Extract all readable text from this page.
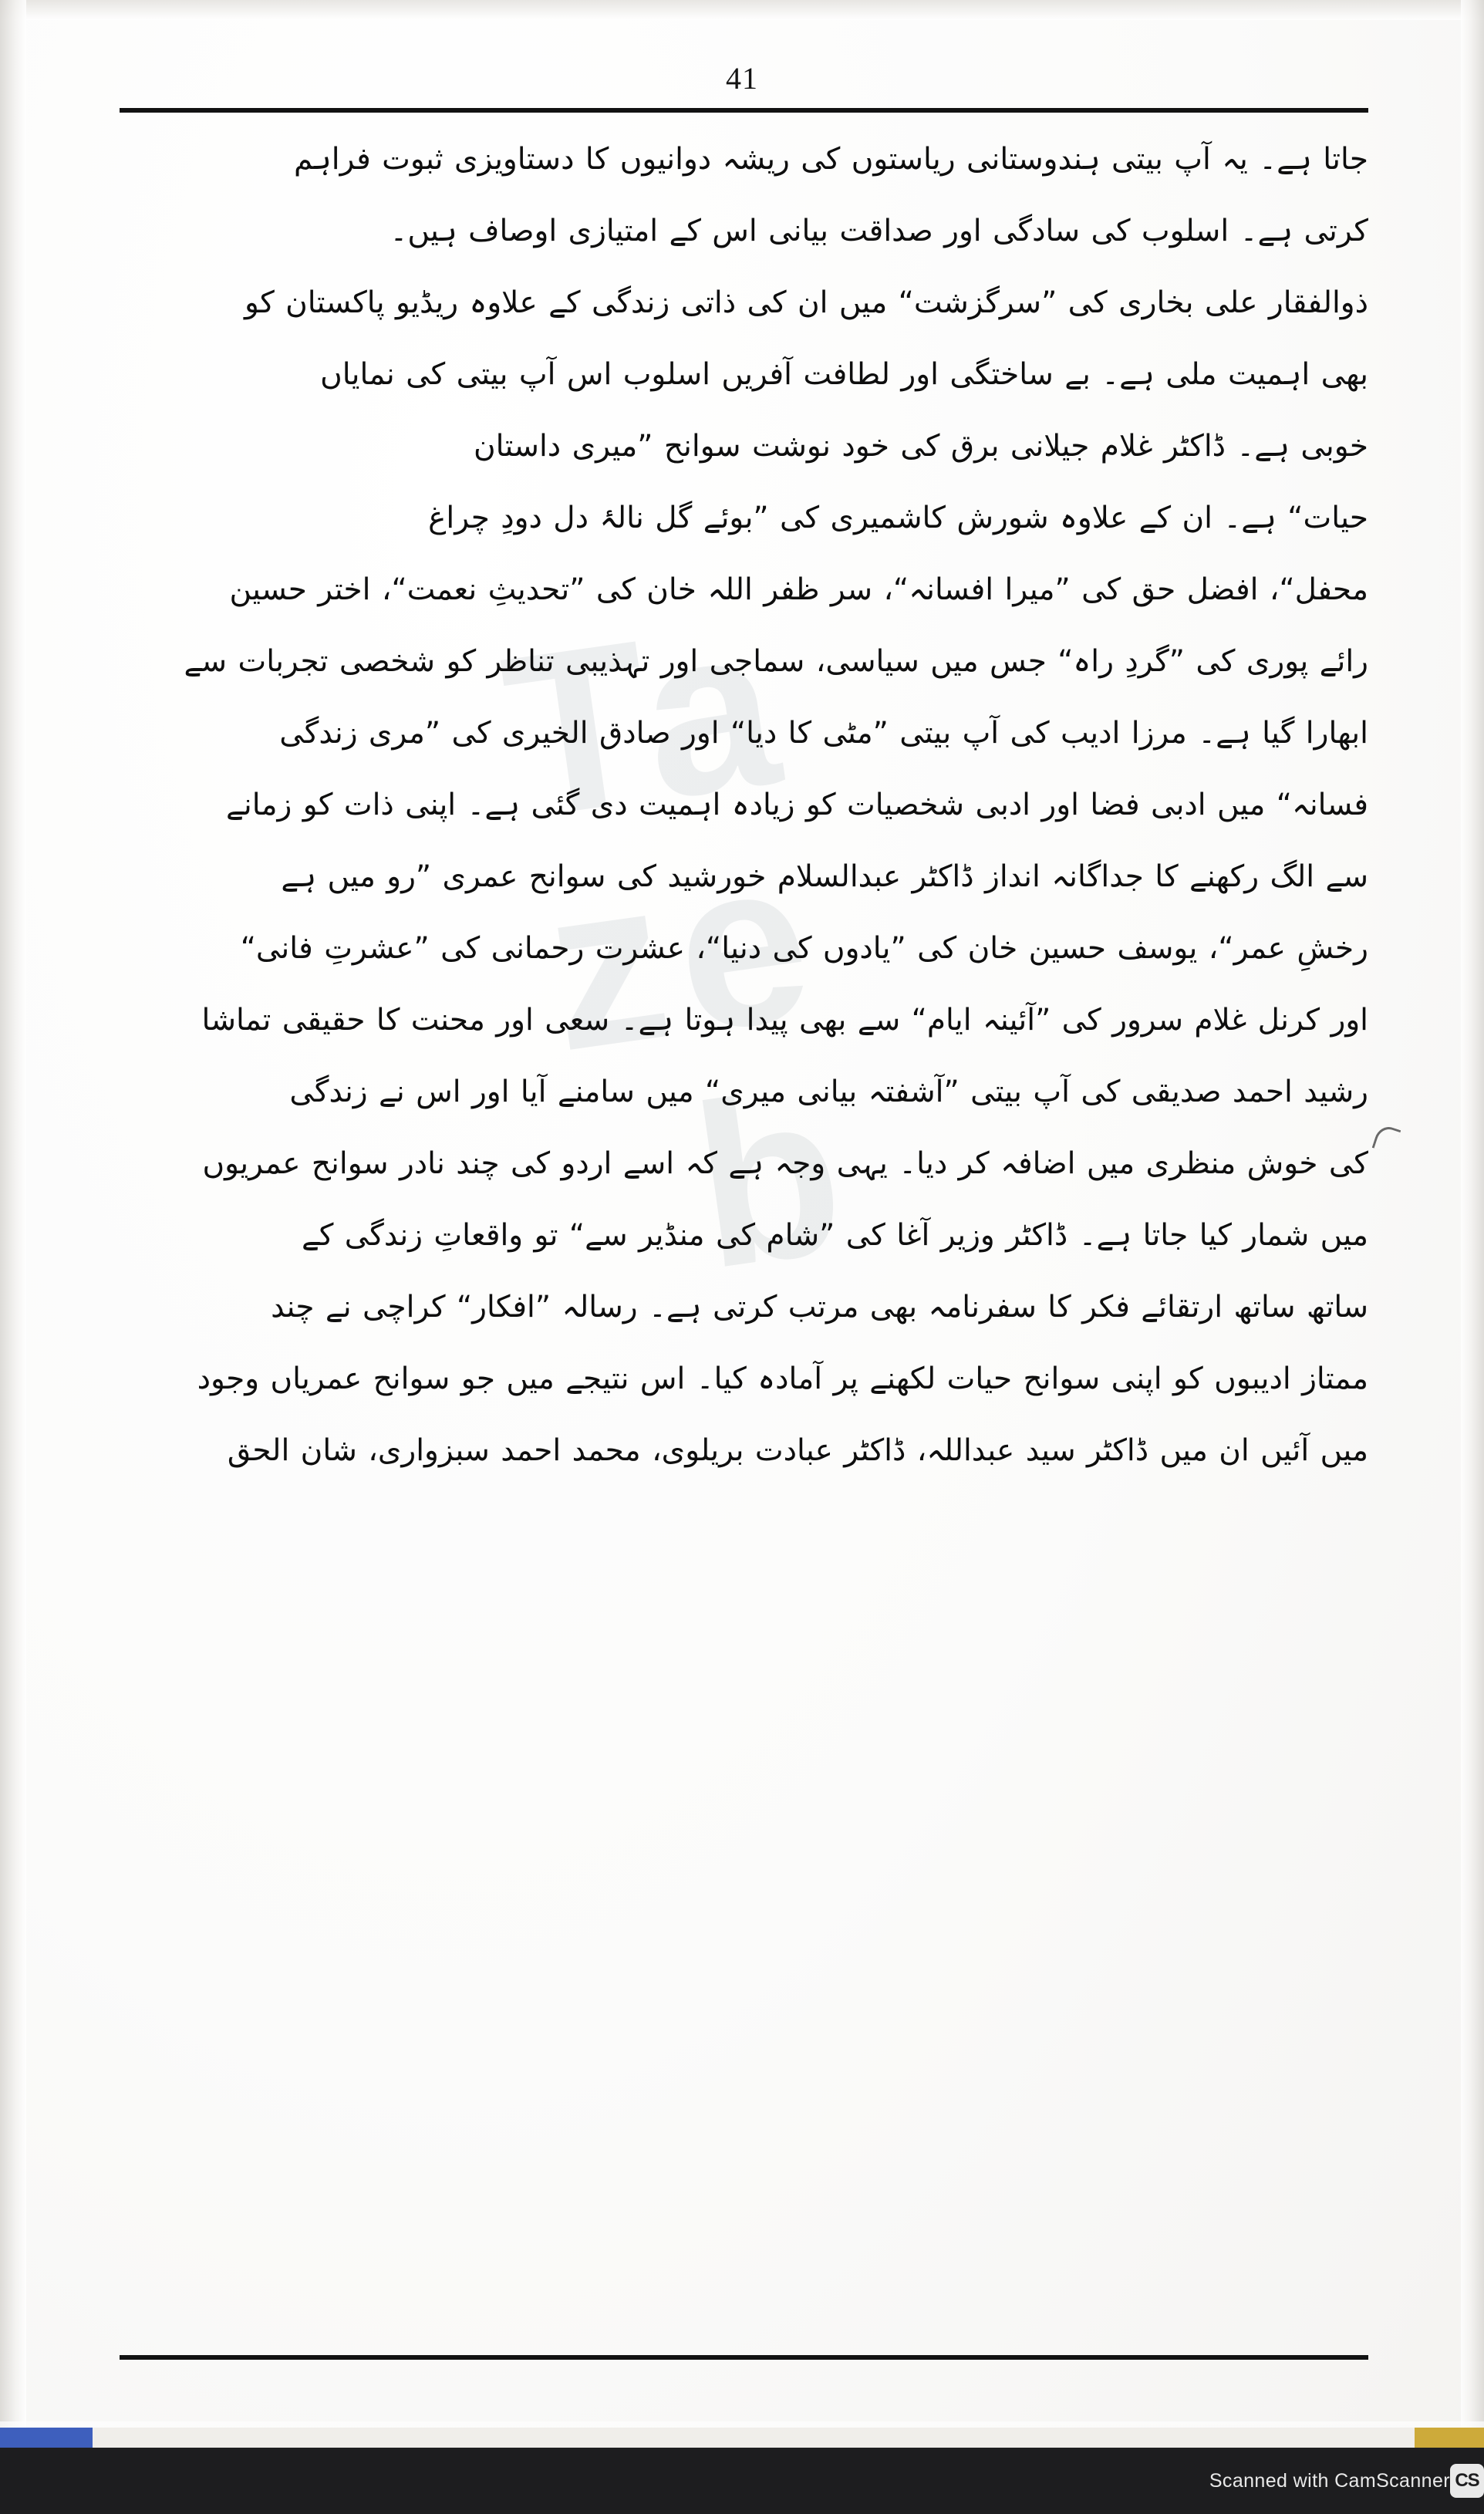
41

جاتا ہے۔ یہ آپ بیتی ہندوستانی ریاستوں کی ریشہ دوانیوں کا دستاویزی ثبوت فراہم
کرتی ہے۔ اسلوب کی سادگی اور صداقت بیانی اس کے امتیازی اوصاف ہیں۔
ذوالفقار علی بخاری کی ”سرگزشت“ میں ان کی ذاتی زندگی کے علاوہ ریڈیو پاکستان کو
بھی اہمیت ملی ہے۔ بے ساختگی اور لطافت آفریں اسلوب اس آپ بیتی کی نمایاں
خوبی ہے۔ ڈاکٹر غلام جیلانی برق کی خود نوشت سوانح ”میری داستان
حیات“ ہے۔ ان کے علاوہ شورش کاشمیری کی ”بوئے گل نالۂ دل دودِ چراغ
محفل“، افضل حق کی ”میرا افسانہ“، سر ظفر اللہ خان کی ”تحدیثِ نعمت“، اختر حسین
رائے پوری کی ”گردِ راہ“ جس میں سیاسی، سماجی اور تہذیبی تناظر کو شخصی تجربات سے
ابھارا گیا ہے۔ مرزا ادیب کی آپ بیتی ”مٹی کا دیا“ اور صادق الخیری کی ”مری زندگی
فسانہ“ میں ادبی فضا اور ادبی شخصیات کو زیادہ اہمیت دی گئی ہے۔ اپنی ذات کو زمانے
سے الگ رکھنے کا جداگانہ انداز ڈاکٹر عبدالسلام خورشید کی سوانح عمری ”رو میں ہے
رخشِ عمر“، یوسف حسین خان کی ”یادوں کی دنیا“، عشرت رحمانی کی ”عشرتِ فانی“
اور کرنل غلام سرور کی ”آئینہ ایام“ سے بھی پیدا ہوتا ہے۔ سعی اور محنت کا حقیقی تماشا
رشید احمد صدیقی کی آپ بیتی ”آشفتہ بیانی میری“ میں سامنے آیا اور اس نے زندگی
کی خوش منظری میں اضافہ کر دیا۔ یہی وجہ ہے کہ اسے اردو کی چند نادر سوانح عمریوں
میں شمار کیا جاتا ہے۔ ڈاکٹر وزیر آغا کی ”شام کی منڈیر سے“ تو واقعاتِ زندگی کے
ساتھ ساتھ ارتقائے فکر کا سفرنامہ بھی مرتب کرتی ہے۔ رسالہ ”افکار“ کراچی نے چند
ممتاز ادیبوں کو اپنی سوانح حیات لکھنے پر آمادہ کیا۔ اس نتیجے میں جو سوانح عمریاں وجود
میں آئیں ان میں ڈاکٹر سید عبداللہ، ڈاکٹر عبادت بریلوی، محمد احمد سبزواری، شان الحق

CS
Scanned with CamScanner
